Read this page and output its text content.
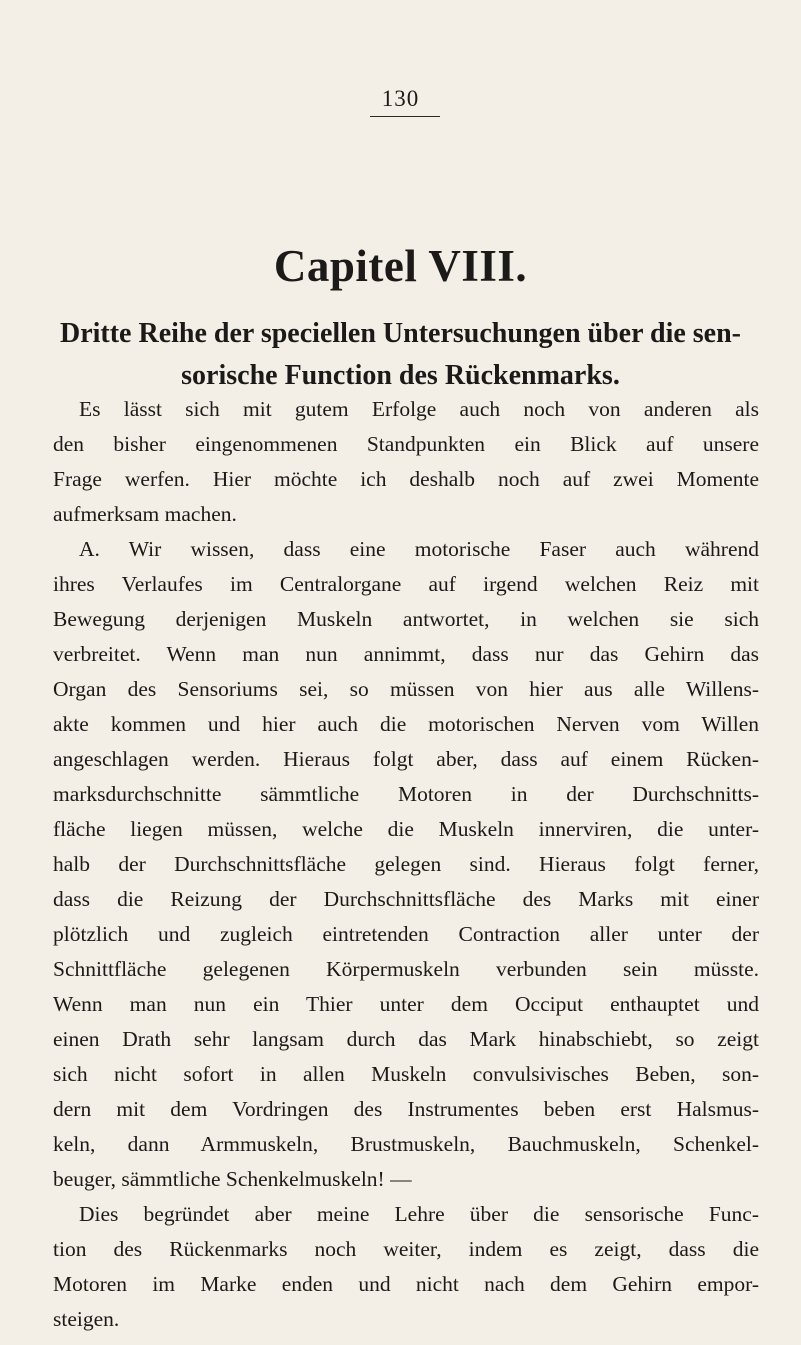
130
Capitel VIII.
Dritte Reihe der speciellen Untersuchungen über die sen-
sorische Function des Rückenmarks.
Es lässt sich mit gutem Erfolge auch noch von anderen als
den bisher eingenommenen Standpunkten ein Blick auf unsere
Frage werfen. Hier möchte ich deshalb noch auf zwei Momente
aufmerksam machen.
A. Wir wissen, dass eine motorische Faser auch während
ihres Verlaufes im Centralorgane auf irgend welchen Reiz mit
Bewegung derjenigen Muskeln antwortet, in welchen sie sich
verbreitet. Wenn man nun annimmt, dass nur das Gehirn das
Organ des Sensoriums sei, so müssen von hier aus alle Willens-
akte kommen und hier auch die motorischen Nerven vom Willen
angeschlagen werden. Hieraus folgt aber, dass auf einem Rücken-
marksdurchschnitte sämmtliche Motoren in der Durchschnitts-
fläche liegen müssen, welche die Muskeln innerviren, die unter-
halb der Durchschnittsfläche gelegen sind. Hieraus folgt ferner,
dass die Reizung der Durchschnittsfläche des Marks mit einer
plötzlich und zugleich eintretenden Contraction aller unter der
Schnittfläche gelegenen Körpermuskeln verbunden sein müsste.
Wenn man nun ein Thier unter dem Occiput enthauptet und
einen Drath sehr langsam durch das Mark hinabschiebt, so zeigt
sich nicht sofort in allen Muskeln convulsivisches Beben, son-
dern mit dem Vordringen des Instrumentes beben erst Halsmus-
keln, dann Armmuskeln, Brustmuskeln, Bauchmuskeln, Schenkel-
beuger, sämmtliche Schenkelmuskeln! —
Dies begründet aber meine Lehre über die sensorische Func-
tion des Rückenmarks noch weiter, indem es zeigt, dass die
Motoren im Marke enden und nicht nach dem Gehirn empor-
steigen.
